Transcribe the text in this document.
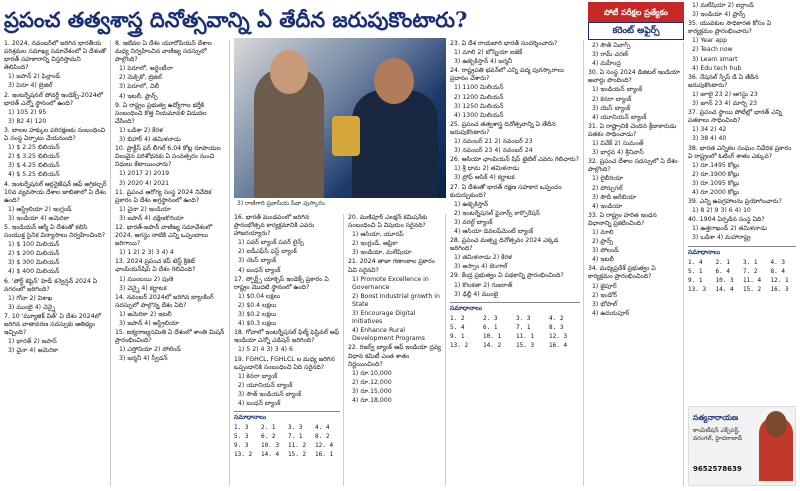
ప్రపంచ తత్వశాస్త్ర దినోత్సవాన్ని ఏ తేదీన జరుపుకొంటారు?	పోటీ పరీక్షల ప్రత్యేకం
కరెంట్ అఫైర్స్

1. 2024, నవంబర్‌లో జరిగిన భారతీయ పరిశ్రమల సమాఖ్య సమావేశంలో ఏ దేశంతో భారత్ సహకారాన్ని విస్తరిస్తామని తెలిపింది?

1) జపాన్ 2) ఫిన్లాండ్

3) పెరూ 4) బ్రెజిల్

2. ఇంటర్నేషనల్ పోవర్టీ ఇండెక్స్-2024లో భారత్ ఎన్నో స్థానంలో ఉంది?

1) 105 2) 95

3) 82 4) 120

3. బాలల హక్కుల పరిరక్షణకు సంబంధించి ఏ సంస్థ ఏర్పాటు చేయనుంది?

1) $ 2.25 బిలియన్

2) $ 3.25 బిలియన్

3) $ 4.25 బిలియన్

4) $ 5.25 బిలియన్

4. ఇంటర్నేషనల్ ఆర్గనైజేషన్ ఆఫ్ అగ్రికల్చర్ 10వ వ్యవసాయ దేశాల జాబితాలో ఏ దేశం ఉంది?

1) ఆస్ట్రేలియా 2) ఇంగ్లండ్

3) ఇండియా 4) అమెరికా

5. ఇండియన్ ఆర్మీ ఏ దేశంతో కలిసి సంయుక్త సైనిక విన్యాసాలు నిర్వహించింది?

1) $ 100 మిలియన్

2) $ 200 మిలియన్

3) $ 300 మిలియన్

4) $ 400 మిలియన్

6. 'పోర్ట్ కెప్టెన్' హెడ్ కన్వెన్షన్ 2024 ఏ నగరంలో జరిగింది?

1) గోవా 2) విశాఖ

3) ముంబై 4) చెన్నై

7. 10 'మ్యూజిక్ విత్' ఏ దేశం 2024లో జరిగిన వాతావరణ సదస్సుకు ఆతిథ్యం ఇచ్చింది?

1) భారత్ 2) జపాన్

3) చైనా 4) అమెరికా

8. ఇటీవల ఏ దేశం యూరోపియన్ దేశాల మధ్య నిర్వహించిన వాణిజ్య సదస్సులో పాల్గొంది?

1) పెరూలో, అర్జెంటీనా

2) మెక్సికో, బ్రెజిల్

3) పెరూలో, చిలీ

4) ఇటలీ, ఫ్రాన్స్

9. ఏ రాష్ట్రం ప్రభుత్వ ఉద్యోగాల భర్తీకి సంబంధించి కొత్త నియమావళి విడుదల చేసింది?

1) ఒడిశా 2) కేరళ

3) బిహార్ 4) తమిళనాడు

10. ప్రాక్టీస్ ఫర్ లీగల్ 6,04 కోట్ల రూపాయల విలువైన పరిశోధనకు ఏ సంవత్సరం నుంచి నిధులు కేటాయించారు?

1) 2017 2) 2019

3) 2020 4) 2021

11. ప్రపంచ ఆరోగ్య సంస్థ 2024 నివేదిక ప్రకారం ఏ దేశం అగ్రస్థానంలో ఉంది?

1) చైనా 2) ఇండియా

3) జపాన్ 4) దక్షిణకొరియా

12. భారత్-జపాన్ వాణిజ్య సమావేశంలో 2024, ఆగస్టు నాటికి ఎన్ని ఒప్పందాలు జరిగాయి?

1) 1 2) 2 3) 3 4) 4

13. 2024 ప్రపంచ కప్ టెస్ట్ క్రికెట్ ఛాంపియన్‌షిప్ ఏ దేశం గెలిచింది?

1) ముంబయి 2) పుణె

3) చెన్నై 4) కర్ణాటక

14. నవంబర్ 2024లో జరిగిన బ్యాంకింగ్ సదస్సులో పాల్గొన్న దేశం ఏది?

1) అమెరికా 2) ఇటలీ

3) జపాన్ 4) ఆస్ట్రేలియా

15. ఐక్యరాజ్యసమితి ఏ దేశంలో శాంతి మిషన్ ప్రారంభించింది?

1) ఎస్తోనియా 2) పోలెండ్

3) జర్మనీ 4) స్వీడన్

3) రాణిగారి ప్రవాసీయ సేవా పుస్కారం

16. భారత్ మండపంలో జరిగిన ప్రారంభోత్సవ కార్యక్రమానికి ఎవరు హాజరయ్యారు?

1) పవర్ బ్యాంక్ పవర్ లైన్స్

2) ఐడీఎఫ్‌సీ ఫస్ట్ బ్యాంక్

3) యెస్ బ్యాంక్

4) బంధన్ బ్యాంక్

17. స్పోర్ట్స్ యాక్సెస్ ఇండెక్స్ ప్రకారం ఏ రాష్ట్రం మొదటి స్థానంలో ఉంది?

1) $0.04 లక్షలు

2) $0.4 లక్షలు

3) $0.2 లక్షలు

4) $0.3 లక్షలు

18. గోవాలో ఇంటర్నేషనల్ ఫిల్మ్ ఫెస్టివల్ ఆఫ్ ఇండియా ఎన్నో ఎడిషన్ జరిగింది?

1) 5 2) 4 3) 3 4) 6

19. FGHCL, FGHLCL ల మధ్య జరిగిన ఒప్పందానికి సంబంధించి ఏది సరైనది?

1) కెనరా బ్యాంక్

2) యూనియన్ బ్యాంక్

3) సౌత్ ఇండియన్ బ్యాంక్

4) బంధన్ బ్యాంక్

సమాధానాలు
1. 3	2. 1	3. 3	4. 4
5. 3	6. 2	7. 1	8. 2
9. 3	10. 3	11. 2	12. 4
13. 2	14. 4	15. 2	16. 1

20. మణిపూర్ ఎలక్షన్ కమిషన్‌కు సంబంధించి ఏ విషయం సరైనది?

1) ఆసియా, యూరప్

2) ఇంగ్లండ్, ఆఫ్రికా

3) ఇండియా, మలేషియా

21. 2024 తాజా గణాంకాల ప్రకారం ఏవి సరైనవి?

1) Promote Excellence in Governance

2) Boost Industrial growth in State

3) Encourage Digital Initiatives

4) Enhance Rural Development Programs

22. రిజర్వ్ బ్యాంక్ ఆఫ్ ఇండియా ద్రవ్య విధాన కమిటీ ఎంత శాతం నిర్ణయించింది?

1) రూ.10,000

2) రూ.12,000

3) రూ.15,000

4) రూ.18,000

23. ఏ దేశ రాయబారి భారత్ సందర్శించారు?

1) మాలి 2) బోస్నియా ఐజెక్

3) ఉజ్బెకిస్తాన్ 4) జర్మనీ

24. రాష్ట్రపతి భవన్‌లో ఎన్ని పద్మ పురస్కారాలు ప్రదానం చేశారు?

1) 1100 మిలియన్

2) 1200 మిలియన్

3) 1250 మిలియన్

4) 1300 మిలియన్

25. ప్రపంచ తత్వశాస్త్ర దినోత్సవాన్ని ఏ తేదీన జరుపుకొంటారు?

1) నవంబర్ 21 2) నవంబర్ 23

3) నవంబర్ 23 4) నవంబర్ 24

26. ఆసియా ఛాంపియన్ షిప్ టైటిల్ ఎవరు గెలిచారు?

1) శ్రీ ధామ 2) తమిళనాడు

3) ప్రోఫ్ ఆసిక్ 4) కర్ణాటక

27. ఏ దేశంతో భారత్ రక్షణ సహకార ఒప్పందం కుదుర్చుకుంది?

1) ఉజ్బెకిస్తాన్

2) ఇంటర్నేషనల్ ఫైనాన్స్ కార్పొరేషన్

3) వరల్డ్ బ్యాంక్

4) ఆసియా డెవలప్‌మెంట్ బ్యాంక్

28. ప్రపంచ మత్స్య దినోత్సవం 2024 ఎక్కడ జరిగింది?

1) తమిళనాడు 2) కేరళ

3) అస్సాం 4) బెంగాల్

29. కేంద్ర ప్రభుత్వం ఏ పథకాన్ని ప్రారంభించింది?

1) కొలకతా 2) గుజరాత్

3) ఢిల్లీ 4) ముంబై

సమాధానాలు
1. 2	2. 3	3. 3	4. 2
5. 4	6. 1	7. 1	8. 3
9. 1	10. 1	11. 1	12. 3
13. 2	14. 2	15. 3	16. 4

2) సౌత్ ఏవాగ్స్

3) రామ్ చరణ్

4) మహీంద్ర

30. ఏ సంస్థ 2024 డిజిటల్ ఇండియా అవార్డు పొందింది?

1) ఇండియన్ బ్యాంక్

2) కెనరా బ్యాంక్

3) యెస్ బ్యాంక్

4) యూనియన్ బ్యాంక్

31. ఏ రాష్ట్రానికి చెందిన క్రీడాకారుడు పతకం సాధించాడు?

1) వివేక్ 2) సుమంత్

3) భార్గవ 4) శ్రీనివాస్

32. ప్రపంచ దేశాల సదస్సులో ఏ దేశం పాల్గొంది?

1) లైబీరియా

2) పోర్చుగల్

3) సౌదీ అరేబియా

4) ఇండియా

33. ఏ రాష్ట్రం హరిత ఇంధన విధానాన్ని ప్రకటించింది?

1) మాలి

2) ఫ్రాన్స్

3) పోలండ్

4) ఇటలీ

34. మధ్యప్రదేశ్ ప్రభుత్వం ఏ కార్యక్రమం ప్రారంభించింది?

1) జైపూర్

2) ఇండోర్

3) భోపాల్

4) ఉదయపూర్

1) మలేషియా 2) ఐర్లాండ్

3) ఇండియా 4) ఫ్రాన్స్

35. యువకుల సాధికారత కోసం ఏ కార్యక్రమం ప్రారంభించారు?

1) Year app

2) Teach now

3) Learn smart

4) Edu tech hub

36. నేషనల్ స్పేస్ డే ఏ తేదీన జరుపుకొంటారు?

1) జూలై 23 2) ఆగస్టు 23

3) జూన్ 23 4) మార్చి 23

37. ప్రపంచ స్థాయి పోటీల్లో భారత్ ఎన్ని పతకాలు సాధించింది?

1) 34 2) 42

3) 38 4) 40

38. భారత ఎన్నికల సంఘం నివేదిక ప్రకారం ఏ రాష్ట్రంలో ఓటింగ్ శాతం ఎక్కువ?

1) రూ.1495 కోట్లు

2) రూ.1900 కోట్లు

3) రూ.1095 కోట్లు

4) రూ.2000 కోట్లు

39. ఎన్ని ఉపగ్రహాలను ప్రయోగించారు?

1) 8 2) 9 3) 6 4) 10

40. 1904 ఏర్పడిన సంస్థ ఏది?

1) ఉత్తరాఖండ్ 2) తమిళనాడు

3) ఒడిశా 4) మహారాష్ట్ర

సమాధానాలు
1. 4	2. 1	3. 1	4. 3
5. 1	6. 4	7. 2	8. 4
9. 1	10. 3	11. 4	12. 1
13. 3	14. 4	15. 2	16. 3
సత్యనారాయణ
కాంపిటీషన్ ఎక్స్‌పర్ట్, వరంగల్, హైదరాబాద్
9652578639
